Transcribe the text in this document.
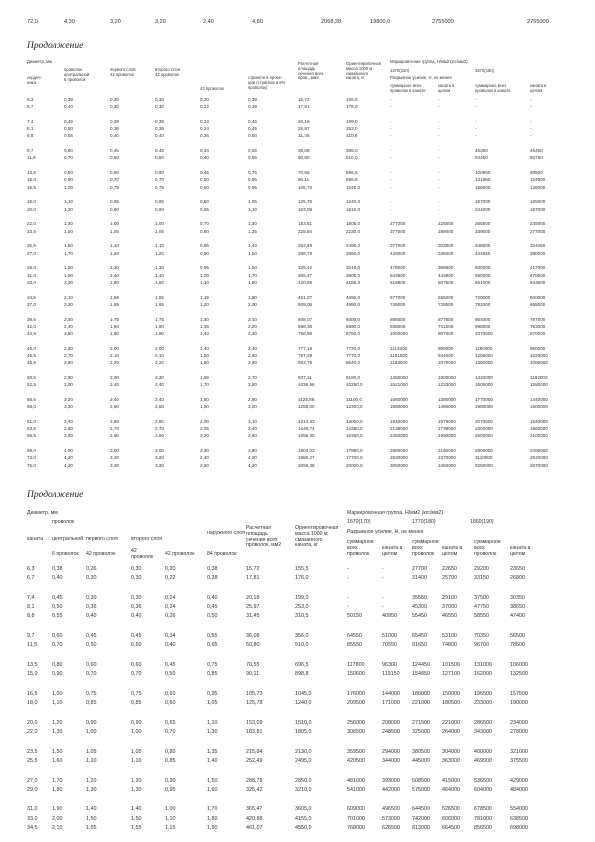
72,0	4,30	3,20	3,20	2,40	4,80	2068,28	19800,0	2755000	2755000
Продолжение
Диаметр, мм
сердеч-
ника
проволок
центральной
6 проволок
первого слоя
42 проволок
второго слоя
42 проволок
42 проволок
стрингон в проек-
ции (стрингов и 8%
проволок)
Расчетная
площадь
сечения всех
пров., мм2
Ориентировочная
масса 1000 м
смазанного
каната, кг
Маркировочная группа, Н/мм2 (кгс/мм2)
1470(150)	1570(160)
Разрывное усилие, Н, не менее
суммарное всех
проволок в канате
каната в
целом
суммарное всех
проволок в канате
каната в
целом
6,3	0,38	0,30	0,30	0,20	0,38	15,72	155,5	-	-	-	-
6,7	0,40	0,30	0,30	0,22	0,38	17,81	176,0	-	-	-	-
7,4	0,45	0,38	0,38	0,24	0,45	20,18	199,0	-	-	-	-
8,1	0,50	0,36	0,36	0,24	0,45	25,97	253,0	-	-	-	-
8,8	0,55	0,40	0,40	0,26	0,50	31,45	310,5	-	-	-	-
9,7	0,60	0,45	0,45	0,34	0,55	36,08	356,0	-	-	45350	45450
11,5	0,70	0,50	0,50	0,40	0,65	50,80	510,0	-	-	64450	60750
13,5	0,80	0,60	0,60	0,45	0,75	70,55	696,5	-	-	100850	80500
15,0	0,90	0,70	0,70	0,50	0,85	90,11	898,8	-	-	131850	104600
16,5	1,00	0,75	0,75	0,60	0,95	105,73	1045,0	-	-	156000	138000
18,0	1,10	0,85	0,85	0,60	1,05	125,78	1240,0	-	-	187000	165000
20,0	1,20	0,90	0,90	0,65	1,10	153,09	1510,0	-	-	244000	197000
22,0	1,30	1,00	1,00	0,70	1,30	183,81	1805,0	277000	225500	265500	235000
23,5	1,50	1,05	1,05	0,80	1,35	225,84	2230,0	377000	289000	339000	277000
25,5	1,60	1,10	1,10	0,85	1,40	252,49	2495,0	377000	303000	348000	324450
27,0	1,70	1,20	1,20	0,90	1,50	288,79	2850,0	429000	345000	444850	380000
28,0	1,80	1,30	1,30	0,95	1,60	325,42	3210,0	478000	388500	500000	417000
31,0	1,90	1,40	1,40	1,00	1,70	365,47	3605,0	543800	443800	590000	478500
33,0	2,00	1,50	1,50	1,10	1,80	420,88	4155,0	618800	507500	661000	543500
34,5	2,10	1,55	1,55	1,15	1,90	461,07	4550,0	677000	555000	720000	600000
37,0	2,20	1,65	1,65	1,20	2,00	509,08	4980,0	749000	728500	792000	658000
39,5	2,30	1,75	1,75	1,30	2,10	608,07	6000,0	895000	877500	954000	787500
42,0	2,40	1,80	1,80	1,35	2,20	698,36	6890,0	936000	741000	998000	793000
44,5	2,50	1,90	1,90	1,40	2,30	758,88	8760,0	1000000	807000	1070000	870000
46,0	2,60	2,00	2,00	1,40	2,40	777,18	7720,0	1113300	905000	1180000	960000
46,5	2,70	2,10	2,10	1,50	2,60	797,29	7770,0	1161500	944000	1255000	1026000
48,5	2,80	2,20	2,20	1,60	2,60	883,79	8640,0	1183000	1070000	1360000	1080000
50,5	2,90	2,30	2,30	1,65	2,70	937,11	9180,0	1450000	1000000	1420000	1192000
52,5	3,00	2,40	2,40	1,70	2,80	1036,96	10250,0	1521000	1233000	1605000	1280000
56,5	3,20	2,40	2,40	1,80	2,90	1125,88	11100,0	1660000	1380000	1770000	1440000
58,0	3,30	2,50	2,50	1,90	3,00	1258,00	12300,0	1880000	1490000	1980000	1600000
61,0	3,40	2,60	2,60	2,00	3,10	1314,33	13000,0	1940000	1576000	2070000	1640000
63,5	3,60	2,70	2,70	2,05	3,40	1448,74	14350,0	2138000	1738000	2300000	1860000
66,5	3,80	2,90	2,90	2,20	3,60	1658,30	16350,0	2450000	1990000	2600000	2100000
69,0	4,00	3,00	3,00	2,30	3,80	1804,03	17850,0	2680000	2160000	2800000	2280000
73,0	4,20	3,20	3,20	2,40	4,00	1980,27	17700,0	2930000	2370000	3110000	2520000
76,0	4,30	3,30	3,30	2,50	4,20	2058,38	20000,0	3050000	2460000	3250000	2670000
Продолжение
Диаметр, мм
проволок
каната центральной первого слоя	второго слоя
наружного слоя
6 проволок 42 проволок	42
проволок 42 проволок 84 проволок
Расчетная
площадь
сечения всех
проволок, мм2
Ориентировочная
масса 1000 м
смазанного
каната, кг
Маркировочная группа, Н/мм2 (кгс/мм2)
1670(170)	1770(180)	1860(190)
Разрывное усилие, Н, не менее
суммарное
всех
проволок
каната в
целом
суммарное
всех
проволок
каната в
целом
суммарное
всех
проволок
каната в
целом
6,3	0,38	0,26	0,30	0,20	0,38	15,72	155,5	-	-	27700	22650	29200	23650
6,7	0,40	0,30	0,30	0,22	0,38	17,81	176,0	-	-	31400	25700	33150	26800
7,4	0,45	0,30	0,30	0,24	0,40	20,18	199,0	-	-	35550	29100	37500	30350
8,1	0,50	0,36	0,36	0,24	0,45	25,97	253,0	-	-	45300	37000	47750	38650
8,8	0,55	0,40	0,40	0,26	0,50	31,45	310,5	50150	40950	55450	46550	58550	47400
9,7	0,60	0,45	0,45	0,34	0,55	36,08	356,0	64550	51000	65450	53100	70350	56500
11,5	0,70	0,50	0,50	0,40	0,65	50,80	510,0	85550	70550	91650	74800	96700	78500
13,5	0,80	0,60	0,60	0,45	0,75	70,55	696,5	117800	96300	124450 101500	131000	106000
15,0	0,90	0,70	0,70	0,50	0,85	90,11	898,8	150600	119150 154850 127100	162000	132500
16,5	1,00	0,75	0,75	0,60	0,95	105,73	1045,0	176000	144000 186000 150000	196500	157500
18,0	1,10	0,85	0,85	0,60	1,05	125,78	1240,0	209500	171000 221000 180500	233000	190000
20,0	1,20	0,90	0,90	0,65	1,10	153,09	1510,0	256000	208000 271500 221000	286500	234000
22,0	1,30	1,00	1,00	0,70	1,30	183,81	1805,0	306500	248500 325000 264000	343000	278000
23,5	1,50	1,05	1,05	0,80	1,35	215,84	2130,0	359500	294000 380500 304000	400000	321000
25,5	1,60	1,10	1,10	0,85	1,40	252,49	2495,0	420500	344000 445000 363000	469000	375500
27,0	1,70	1,20	1,20	0,90	1,50	288,79	2850,0	481000	393000 508500 415000	536500	429000
29,0	1,80	1,30	1,30	0,95	1,60	325,42	3210,0	541000	442000 575000 464000	604000	484000
31,0	1,90	1,40	1,40	1,00	1,70	365,47	3605,0	609000	496500 644500 526500	678500	554000
33,0	2,00	1,50	1,50	1,10	1,80	420,88	4155,0	701000	573000 742000 606000	781000	638500
34,5	2,10	1,55	1,55	1,15	1,90	461,07	4550,0	768000	626500 813000 664500	856500	698000
